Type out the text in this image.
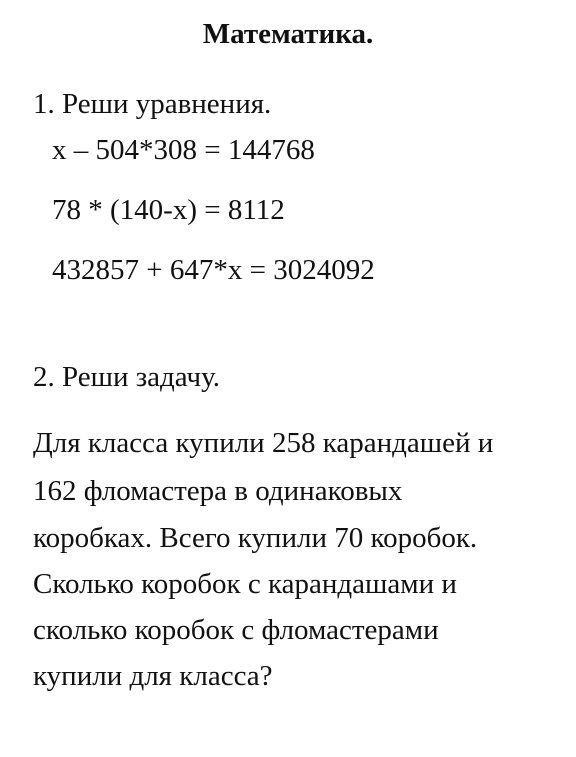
Математика.
1. Реши уравнения.
х – 504*308 = 144768
78 * (140-х) = 8112
432857 + 647*х = 3024092
2. Реши задачу.
Для класса купили 258 карандашей и
162 фломастера в одинаковых
коробках. Всего купили 70 коробок.
Сколько коробок с карандашами и
сколько коробок с фломастерами
купили для класса?
